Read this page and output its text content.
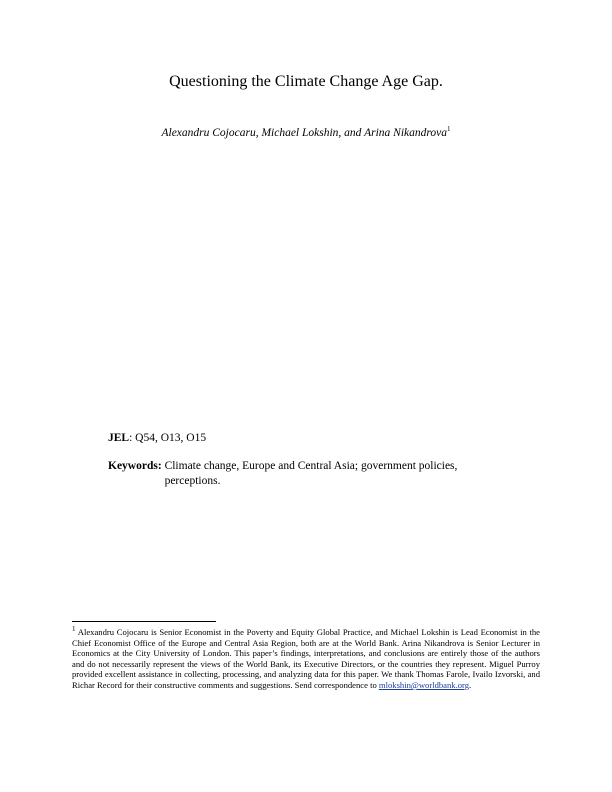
Questioning the Climate Change Age Gap.
Alexandru Cojocaru, Michael Lokshin, and Arina Nikandrova$^1$
JEL: Q54, O13, O15
Keywords: Climate change, Europe and Central Asia; government policies, perceptions.
$^1$ Alexandru Cojocaru is Senior Economist in the Poverty and Equity Global Practice, and Michael Lokshin is Lead Economist in the Chief Economist Office of the Europe and Central Asia Region, both are at the World Bank. Arina Nikandrova is Senior Lecturer in Economics at the City University of London. This paper’s findings, interpretations, and conclusions are entirely those of the authors and do not necessarily represent the views of the World Bank, its Executive Directors, or the countries they represent. Miguel Purroy provided excellent assistance in collecting, processing, and analyzing data for this paper. We thank Thomas Farole, Ivailo Izvorski, and Richar Record for their constructive comments and suggestions. Send correspondence to mlokshin@worldbank.org.
